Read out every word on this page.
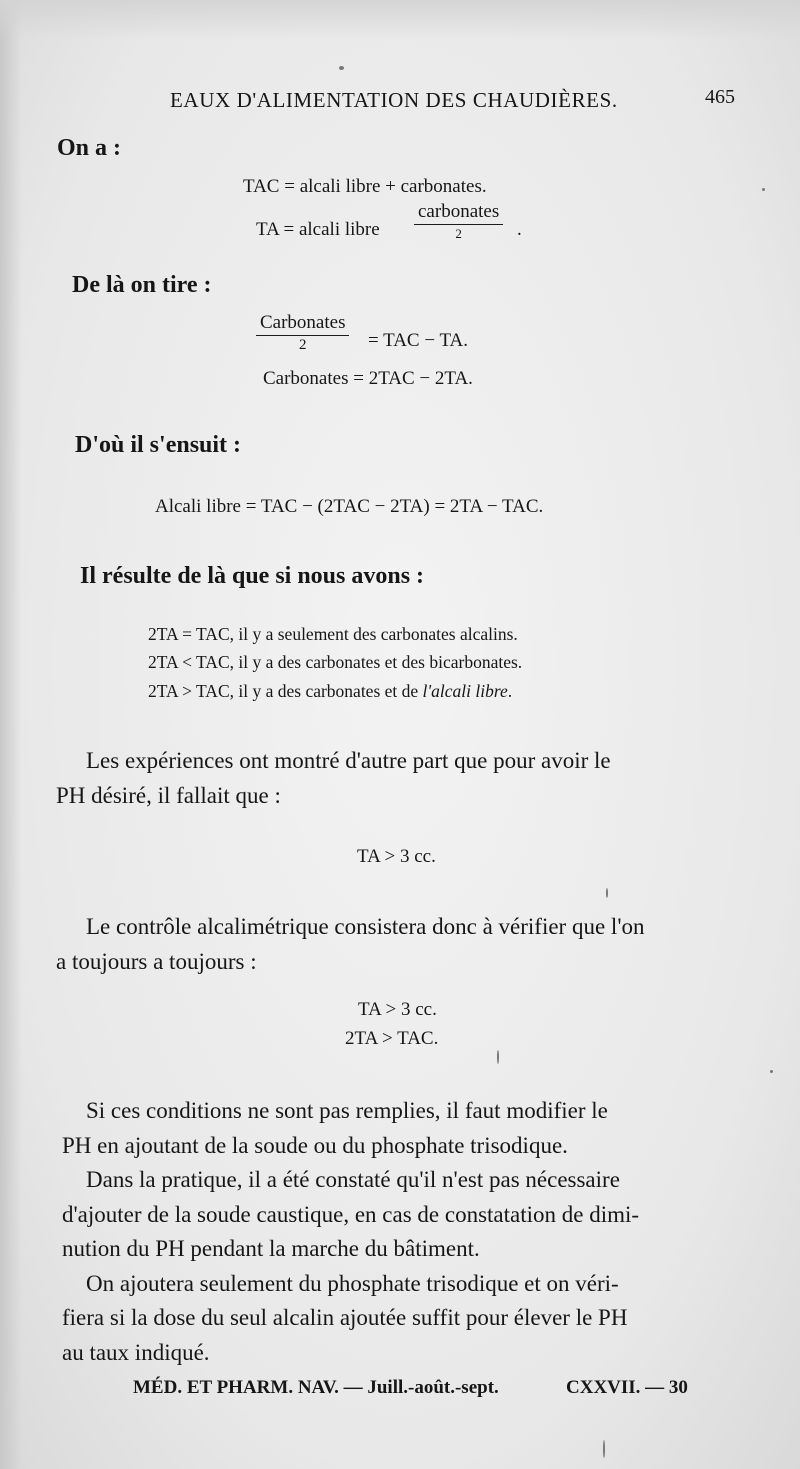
EAUX D'ALIMENTATION DES CHAUDIÈRES.	465
On a :
TAC = alcali libre + carbonates.
TA = alcali libre
carbonates
2	.
De là on tire :
Carbonates
2	= TAC − TA.
Carbonates = 2TAC − 2TA.
D'où il s'ensuit :
Alcali libre = TAC − (2TAC − 2TA) = 2TA − TAC.
Il résulte de là que si nous avons :
2TA = TAC, il y a seulement des carbonates alcalins.
2TA < TAC, il y a des carbonates et des bicarbonates.
2TA > TAC, il y a des carbonates et de l'alcali libre.
Les expériences ont montré d'autre part que pour avoir le
PH désiré, il fallait que :
TA > 3 cc.
Le contrôle alcalimétrique consistera donc à vérifier que l'on
a toujours a toujours :
TA > 3 cc.
2TA > TAC.
Si ces conditions ne sont pas remplies, il faut modifier le
PH en ajoutant de la soude ou du phosphate trisodique.
Dans la pratique, il a été constaté qu'il n'est pas nécessaire
d'ajouter de la soude caustique, en cas de constatation de dimi-
nution du PH pendant la marche du bâtiment.
On ajoutera seulement du phosphate trisodique et on véri-
fiera si la dose du seul alcalin ajoutée suffit pour élever le PH
au taux indiqué.
MÉD. ET PHARM. NAV. — Juill.-août.-sept.	CXXVII. — 30
